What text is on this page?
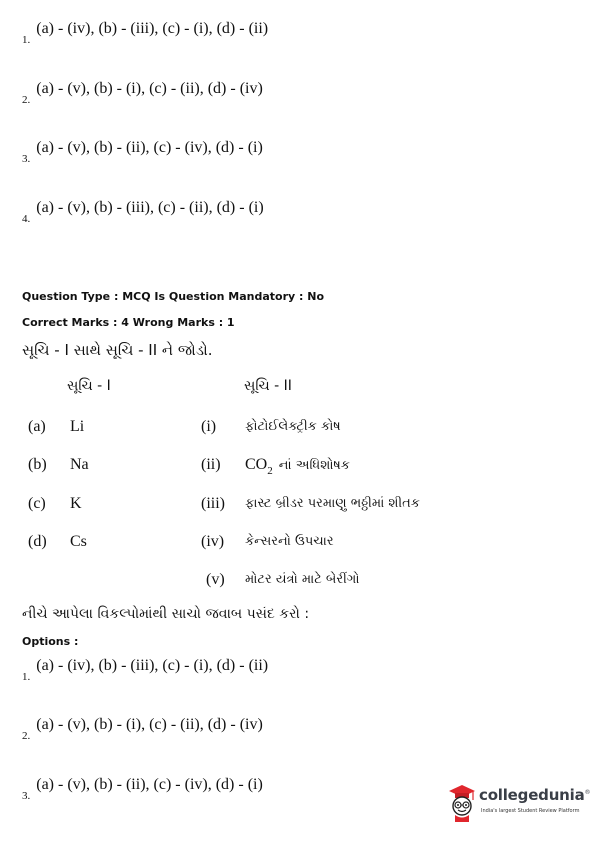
$_{1.}$ (a) - (iv), (b) - (iii), (c) - (i), (d) - (ii)
$_{2.}$ (a) - (v), (b) - (i), (c) - (ii), (d) - (iv)
$_{3.}$ (a) - (v), (b) - (ii), (c) - (iv), (d) - (i)
$_{4.}$ (a) - (v), (b) - (iii), (c) - (ii), (d) - (i)
Question Type : MCQ Is Question Mandatory : No
Correct Marks : 4 Wrong Marks : 1
સૂચિ - I સાથે સૂચિ - II ને જોડો.
સૂચિ - I	સૂચિ - II
(a) Li	(i) ફોટોઈલેક્ટ્રીક કોષ
(b) Na	(ii) $CO_2$ નાં અધિશોષક
(c) K	(iii) ફાસ્ટ બ્રીડર પરમાણુ ભઠ્ઠીમાં શીતક
(d) Cs	(iv) કેન્સરનો ઉપચાર
(v) મોટર યંત્રો માટે બેરીંગો
નીચે આપેલા વિકલ્પોમાંથી સાચો જવાબ પસંદ કરો :
Options :
$_{1.}$ (a) - (iv), (b) - (iii), (c) - (i), (d) - (ii)
$_{2.}$ (a) - (v), (b) - (i), (c) - (ii), (d) - (iv)
$_{3.}$ (a) - (v), (b) - (ii), (c) - (iv), (d) - (i)
collegedunia®
India's largest Student Review Platform
